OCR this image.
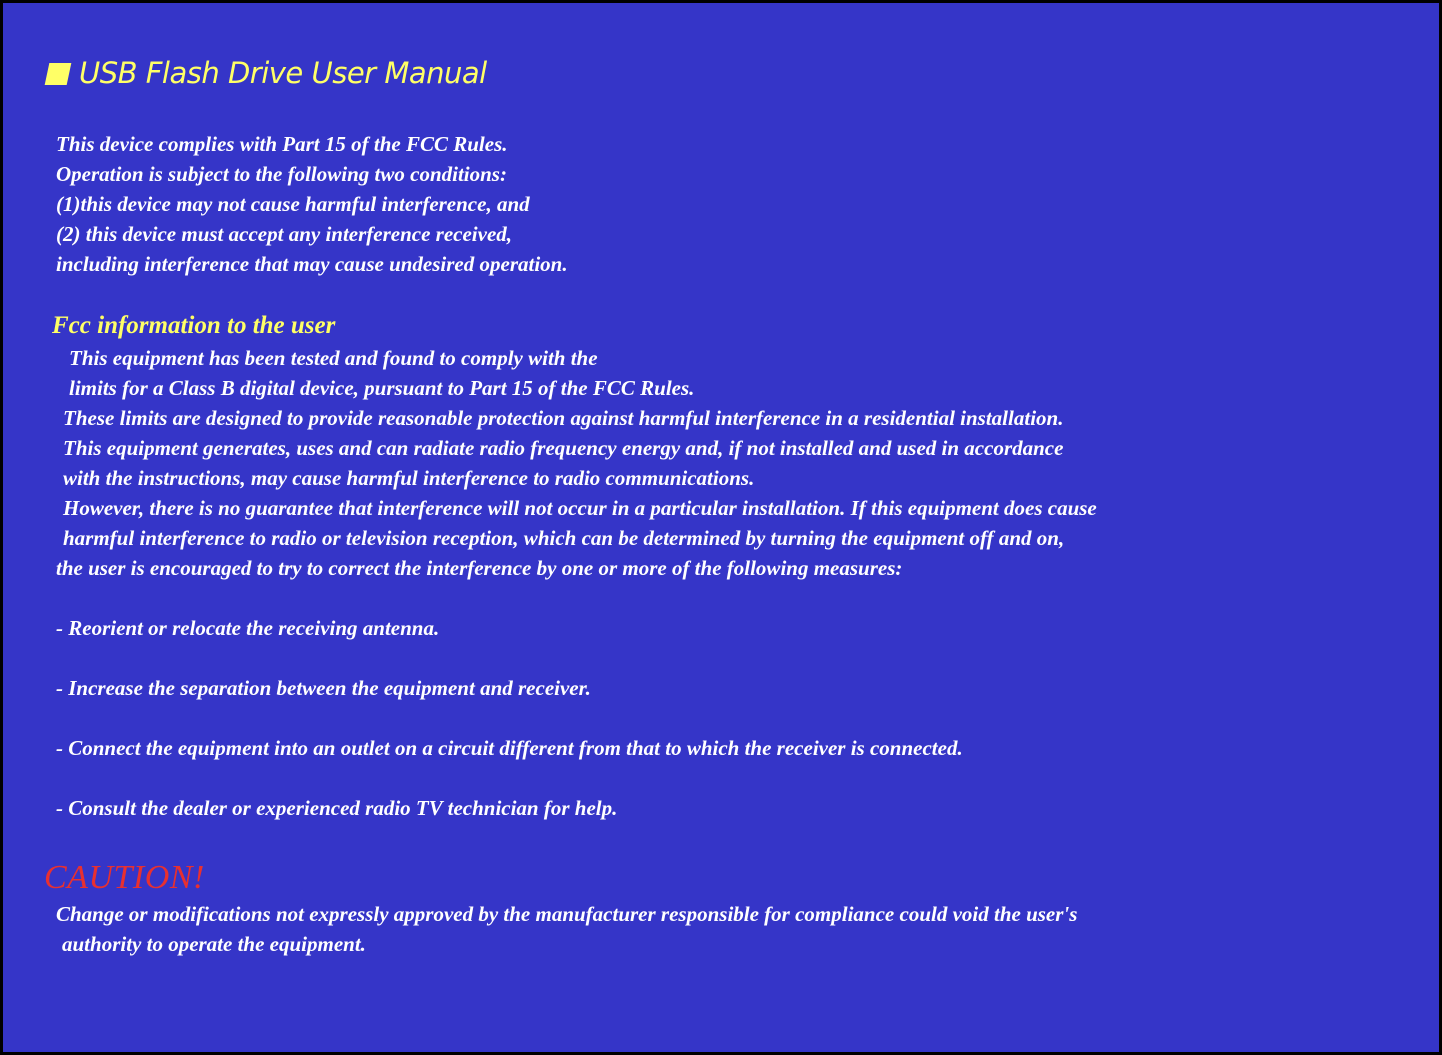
USB Flash Drive User Manual
This device complies with Part 15 of the FCC Rules.
Operation is subject to the following two conditions:
(1)this device may not cause harmful interference, and
(2) this device must accept any interference received,
including interference that may cause undesired operation.
Fcc information to the user
This equipment has been tested and found to comply with the
limits for a Class B digital device, pursuant to Part 15 of the FCC Rules.
These limits are designed to provide reasonable protection against harmful interference in a residential installation.
This equipment generates, uses and can radiate radio frequency energy and, if not installed and used in accordance
with the instructions, may cause harmful interference to radio communications.
However, there is no guarantee that interference will not occur in a particular installation. If this equipment does cause
harmful interference to radio or television reception, which can be determined by turning the equipment off and on,
the user is encouraged to try to correct the interference by one or more of the following measures:
- Reorient or relocate the receiving antenna.
- Increase the separation between the equipment and receiver.
- Connect the equipment into an outlet on a circuit different from that to which the receiver is connected.
- Consult the dealer or experienced radio TV technician for help.
CAUTION!
Change or modifications not expressly approved by the manufacturer responsible for compliance could void the user's
authority to operate the equipment.
